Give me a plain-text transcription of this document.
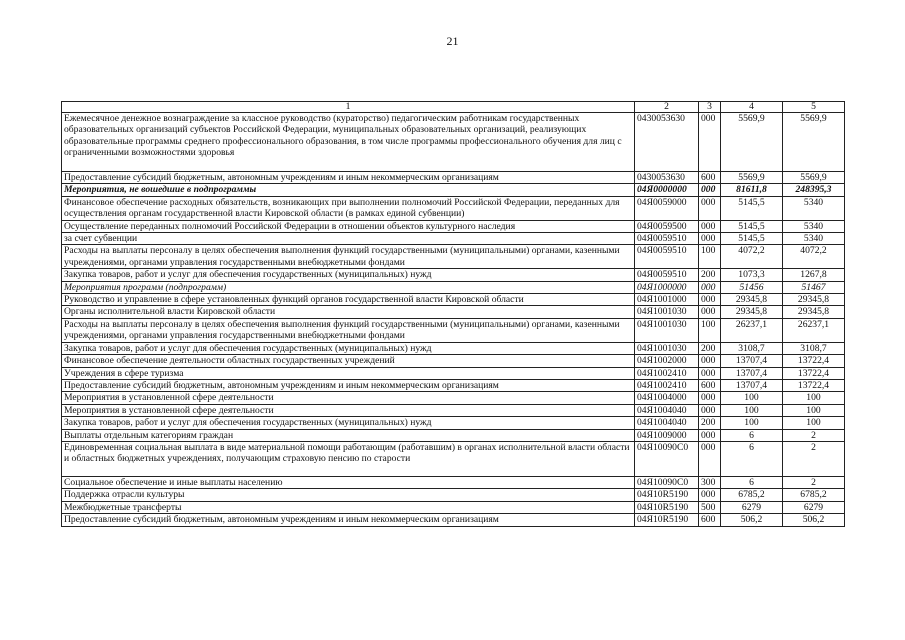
21
1	2	3	4	5
Ежемесячное денежное вознаграждение за классное руководство (кураторство) педагогическим работникам государственных образовательных организаций субъектов Российской Федерации, муниципальных образовательных организаций, реализующих образовательные программы среднего профессионального образования, в том числе программы профессионального обучения для лиц с ограниченными возможностями здоровья	0430053630	000	5569,9	5569,9
Предоставление субсидий бюджетным, автономным учреждениям и иным некоммерческим организациям	0430053630	600	5569,9	5569,9
Мероприятия, не вошедшие в подпрограммы	04Я0000000	000	81611,8	248395,3
Финансовое обеспечение расходных обязательств, возникающих при выполнении полномочий Российской Федерации, переданных для осуществления органам государственной власти Кировской области (в рамках единой субвенции)	04Я0059000	000	5145,5	5340
Осуществление переданных полномочий Российской Федерации в отношении объектов культурного наследия	04Я0059500	000	5145,5	5340
за счет субвенции	04Я0059510	000	5145,5	5340
Расходы на выплаты персоналу в целях обеспечения выполнения функций государственными (муниципальными) органами, казенными учреждениями, органами управления государственными внебюджетными фондами	04Я0059510	100	4072,2	4072,2
Закупка товаров, работ и услуг для обеспечения государственных (муниципальных) нужд	04Я0059510	200	1073,3	1267,8
Мероприятия программ (подпрограмм)	04Я1000000	000	51456	51467
Руководство и управление в сфере установленных функций органов государственной власти Кировской области	04Я1001000	000	29345,8	29345,8
Органы исполнительной власти Кировской области	04Я1001030	000	29345,8	29345,8
Расходы на выплаты персоналу в целях обеспечения выполнения функций государственными (муниципальными) органами, казенными учреждениями, органами управления государственными внебюджетными фондами	04Я1001030	100	26237,1	26237,1
Закупка товаров, работ и услуг для обеспечения государственных (муниципальных) нужд	04Я1001030	200	3108,7	3108,7
Финансовое обеспечение деятельности областных государственных учреждений	04Я1002000	000	13707,4	13722,4
Учреждения в сфере туризма	04Я1002410	000	13707,4	13722,4
Предоставление субсидий бюджетным, автономным учреждениям и иным некоммерческим организациям	04Я1002410	600	13707,4	13722,4
Мероприятия в установленной сфере деятельности	04Я1004000	000	100	100
Мероприятия в установленной сфере деятельности	04Я1004040	000	100	100
Закупка товаров, работ и услуг для обеспечения государственных (муниципальных) нужд	04Я1004040	200	100	100
Выплаты отдельным категориям граждан	04Я1009000	000	6	2
Единовременная социальная выплата в виде материальной помощи работающим (работавшим) в органах исполнительной власти области и областных бюджетных учреждениях, получающим страховую пенсию по старости	04Я10090С0	000	6	2
Социальное обеспечение и иные выплаты населению	04Я10090С0	300	6	2
Поддержка отрасли культуры	04Я10R5190	000	6785,2	6785,2
Межбюджетные трансферты	04Я10R5190	500	6279	6279
Предоставление субсидий бюджетным, автономным учреждениям и иным некоммерческим организациям	04Я10R5190	600	506,2	506,2
